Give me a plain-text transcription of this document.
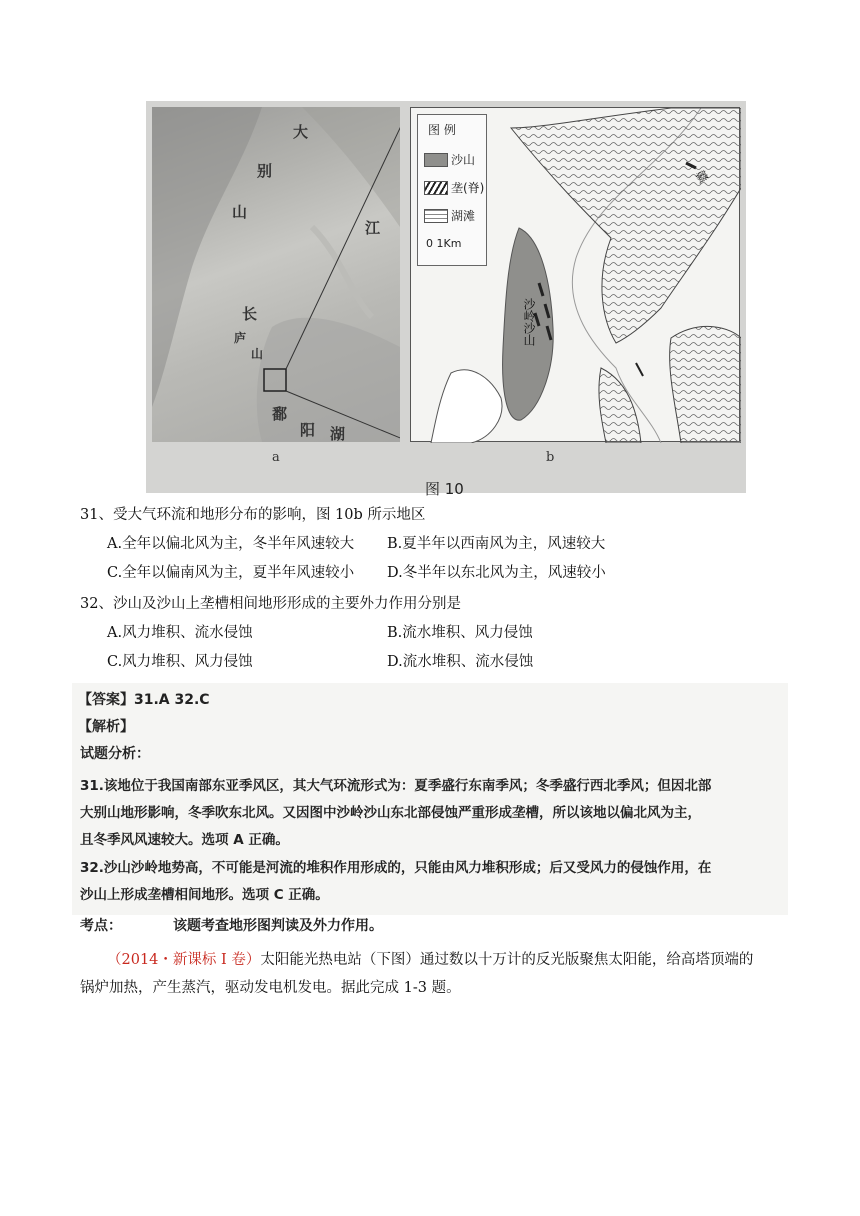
大
别
山
江
长
庐
山
鄱
阳 湖
图 例
沙山
垄(脊)
湖滩
0 1Km
沙岭沙山
赣
a	b
图 10
31、受大气环流和地形分布的影响，图 10b 所示地区
A.全年以偏北风为主，冬半年风速较大 B.夏半年以西南风为主，风速较大
C.全年以偏南风为主，夏半年风速较小 D.冬半年以东北风为主，风速较小
32、沙山及沙山上垄槽相间地形形成的主要外力作用分别是
A.风力堆积、流水侵蚀	B.流水堆积、风力侵蚀
C.风力堆积、风力侵蚀	D.流水堆积、流水侵蚀
【答案】31.A 32.C
【解析】
试题分析：
31.该地位于我国南部东亚季风区，其大气环流形式为：夏季盛行东南季风；冬季盛行西北季风；但因北部
大别山地形影响，冬季吹东北风。又因图中沙岭沙山东北部侵蚀严重形成垄槽，所以该地以偏北风为主，
且冬季风风速较大。选项 A 正确。
32.沙山沙岭地势高，不可能是河流的堆积作用形成的，只能由风力堆积形成；后又受风力的侵蚀作用，在
沙山上形成垄槽相间地形。选项 C 正确。
考点：	该题考查地形图判读及外力作用。
（2014・新课标 I 卷）太阳能光热电站（下图）通过数以十万计的反光版聚焦太阳能，给高塔顶端的
锅炉加热，产生蒸汽，驱动发电机发电。据此完成 1-3 题。
